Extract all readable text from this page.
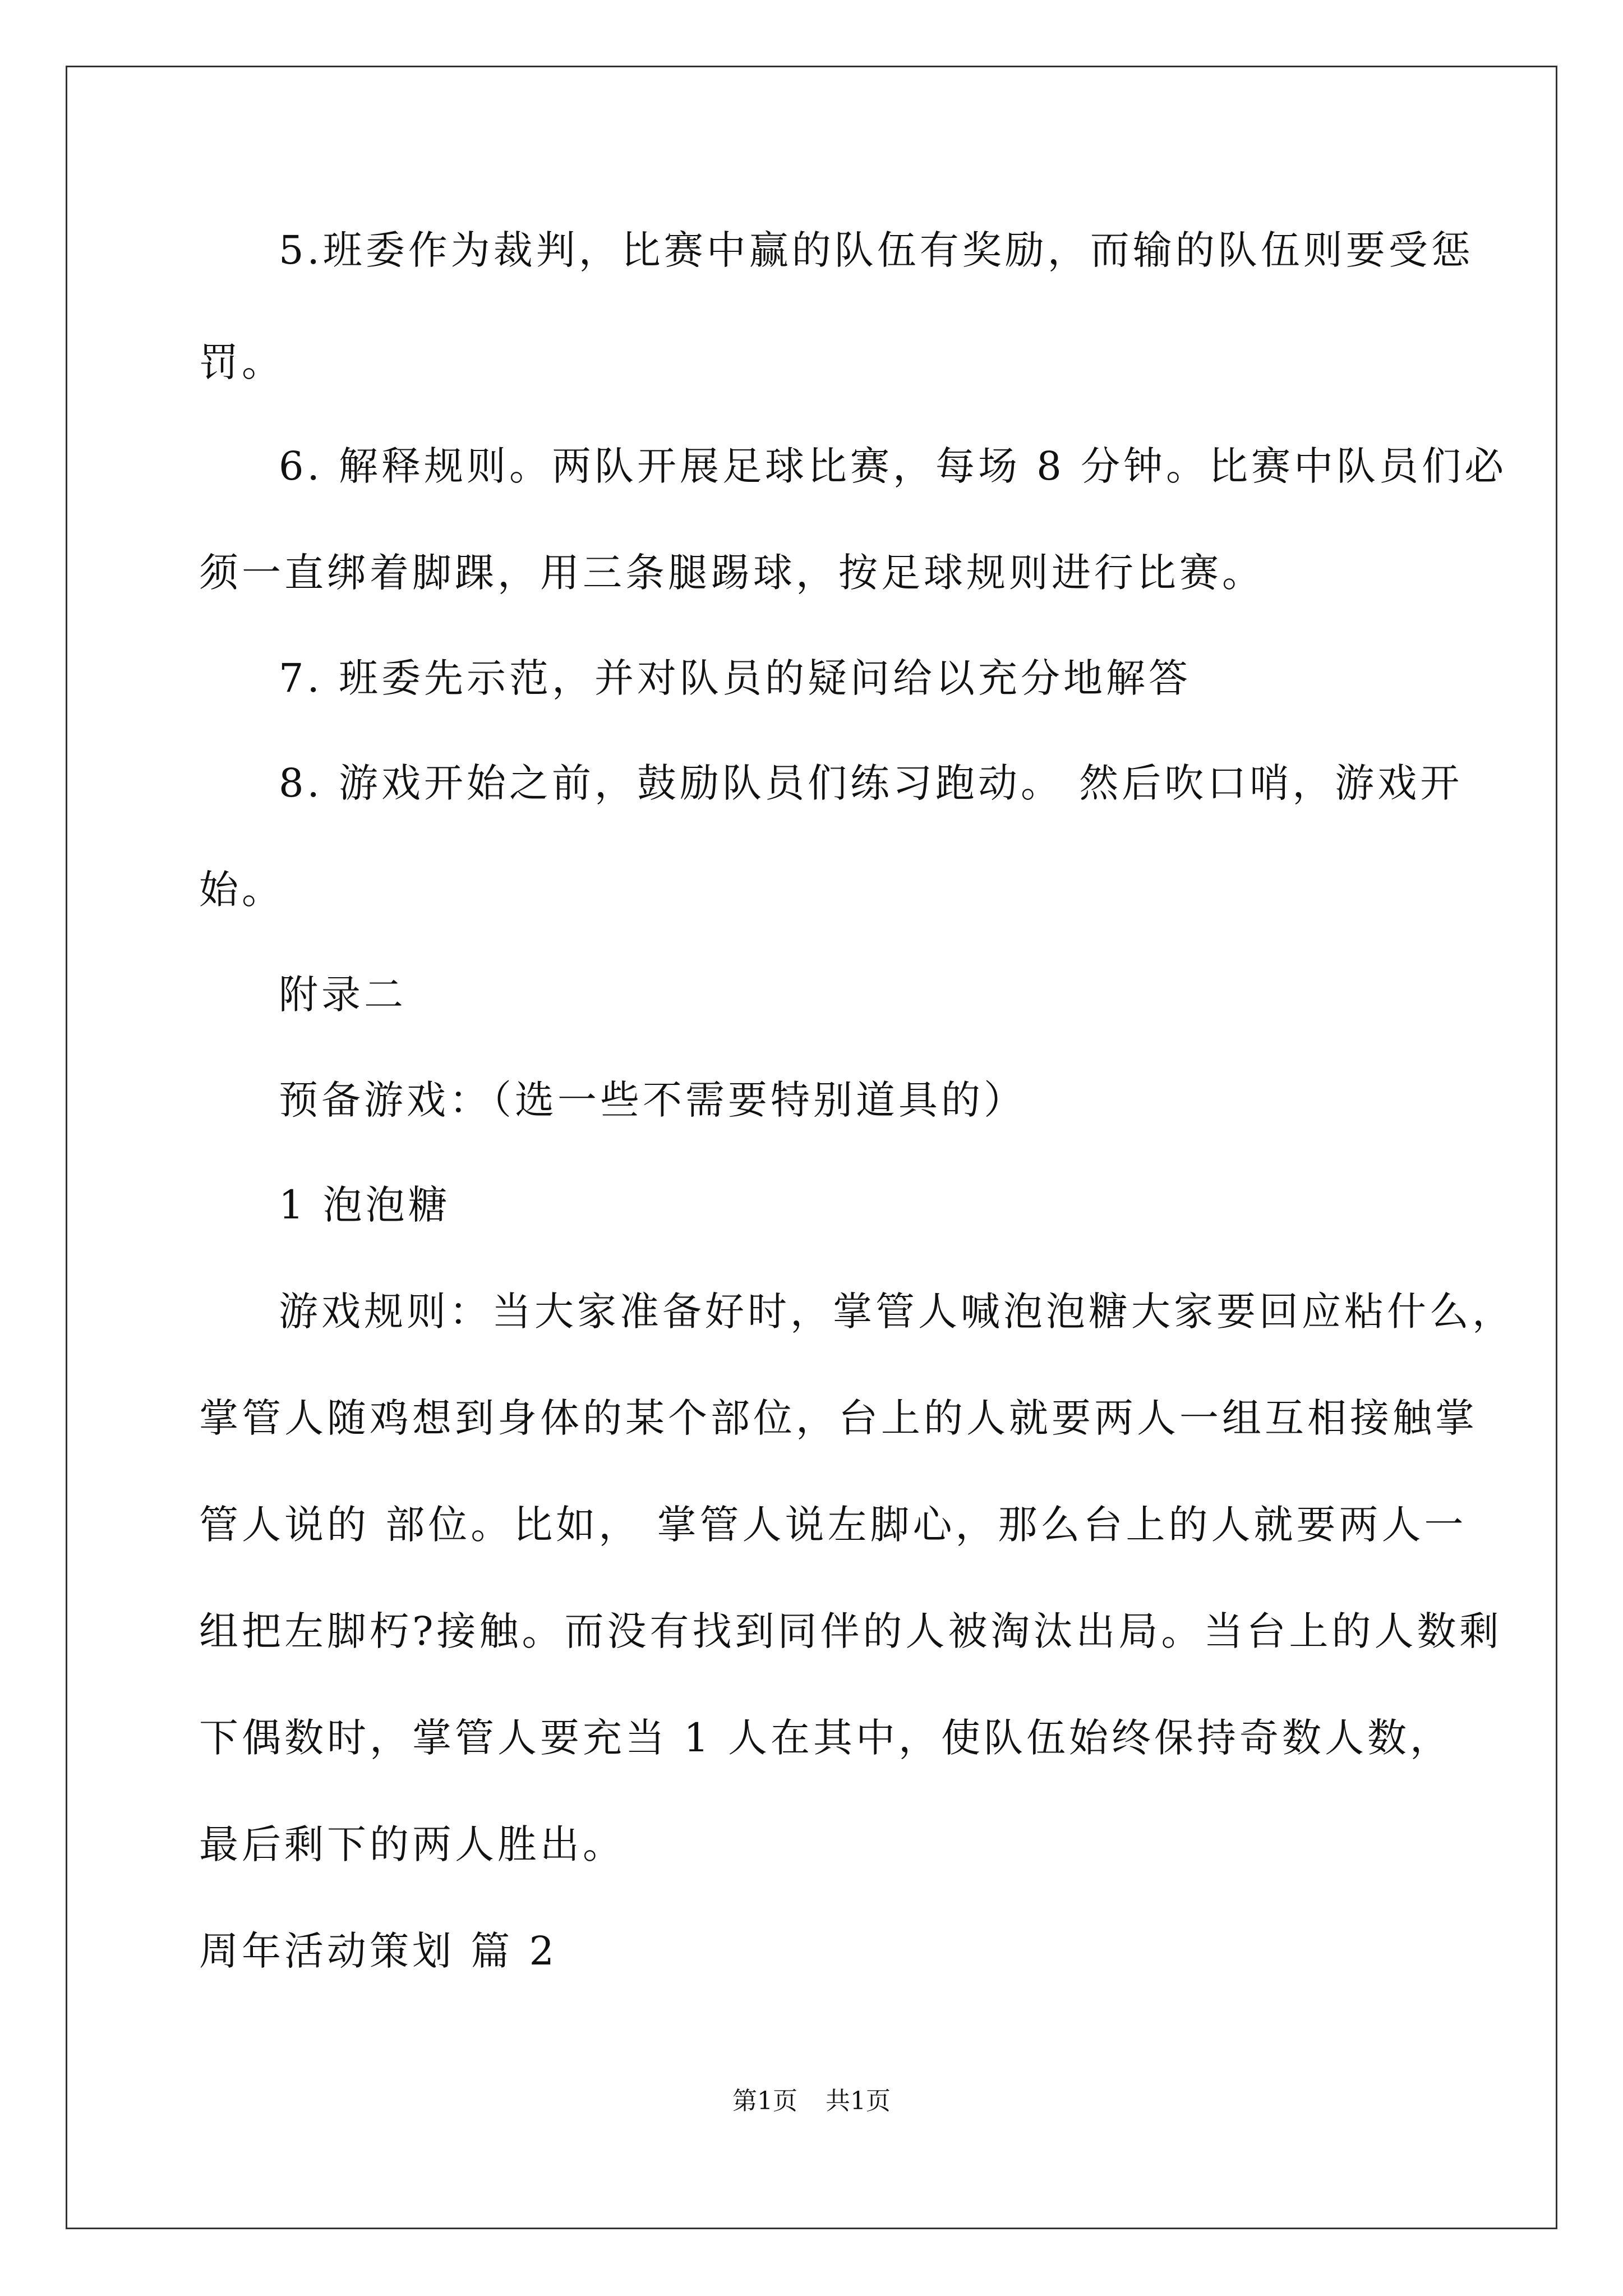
5.班委作为裁判，比赛中赢的队伍有奖励，而输的队伍则要受惩
罚。
6. 解释规则。两队开展足球比赛，每场 8 分钟。比赛中队员们必
须一直绑着脚踝，用三条腿踢球，按足球规则进行比赛。
7. 班委先示范，并对队员的疑问给以充分地解答
8. 游戏开始之前，鼓励队员们练习跑动。 然后吹口哨，游戏开
始。
附录二
预备游戏：（选一些不需要特别道具的）
1 泡泡糖
游戏规则：当大家准备好时，掌管人喊泡泡糖大家要回应粘什么，
掌管人随鸡想到身体的某个部位，台上的人就要两人一组互相接触掌
管人说的 部位。比如， 掌管人说左脚心，那么台上的人就要两人一
组把左脚朽?接触。而没有找到同伴的人被淘汰出局。当台上的人数剩
下偶数时，掌管人要充当 1 人在其中，使队伍始终保持奇数人数，
最后剩下的两人胜出。
周年活动策划 篇 2
第1页 共1页
